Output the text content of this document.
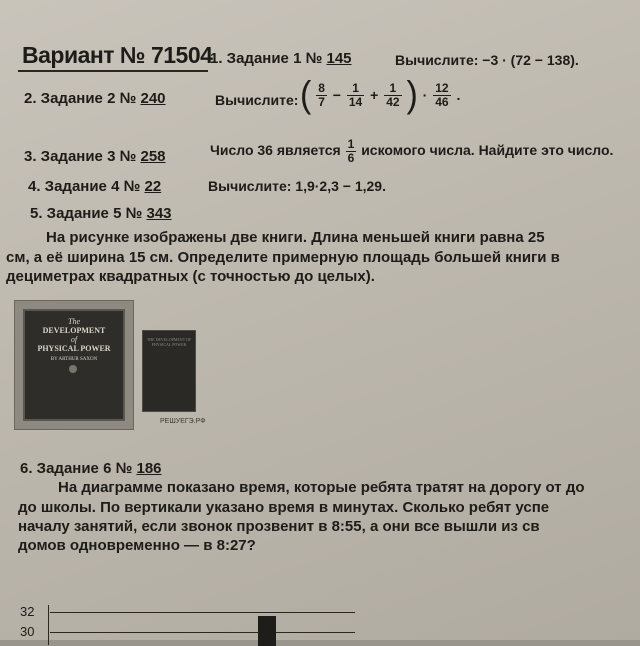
Вариант № 71504
1. Задание 1 № 145	Вычислите: −3 · (72 − 138).
2. Задание 2 № 240	Вычислите: ( $\frac{8}{7} - \frac{1}{14} + \frac{1}{42}$ ) · $\frac{12}{46}$ .
3. Задание 3 № 258	Число 36 является $\frac{1}{6}$ искомого числа. Найдите это число.
4. Задание 4 № 22	Вычислите: 1,9·2,3 − 1,29.
5. Задание 5 № 343
На рисунке изображены две книги. Длина меньшей книги равна 25
см, а её ширина 15 см. Определите примерную площадь большей книги в
дециметрах квадратных (с точностью до целых).
The
DEVELOPMENT
of
PHYSICAL POWER
BY ARTHUR SAXON
THE DEVELOPMENT OF PHYSICAL POWER
РЕШУЕГЭ.РФ
6. Задание 6 № 186
На диаграмме показано время, которые ребята тратят на дорогу от до
до школы. По вертикали указано время в минутах. Сколько ребят успе
началу занятий, если звонок прозвенит в 8:55, а они все вышли из св
домов одновременно — в 8:27?
32
30
